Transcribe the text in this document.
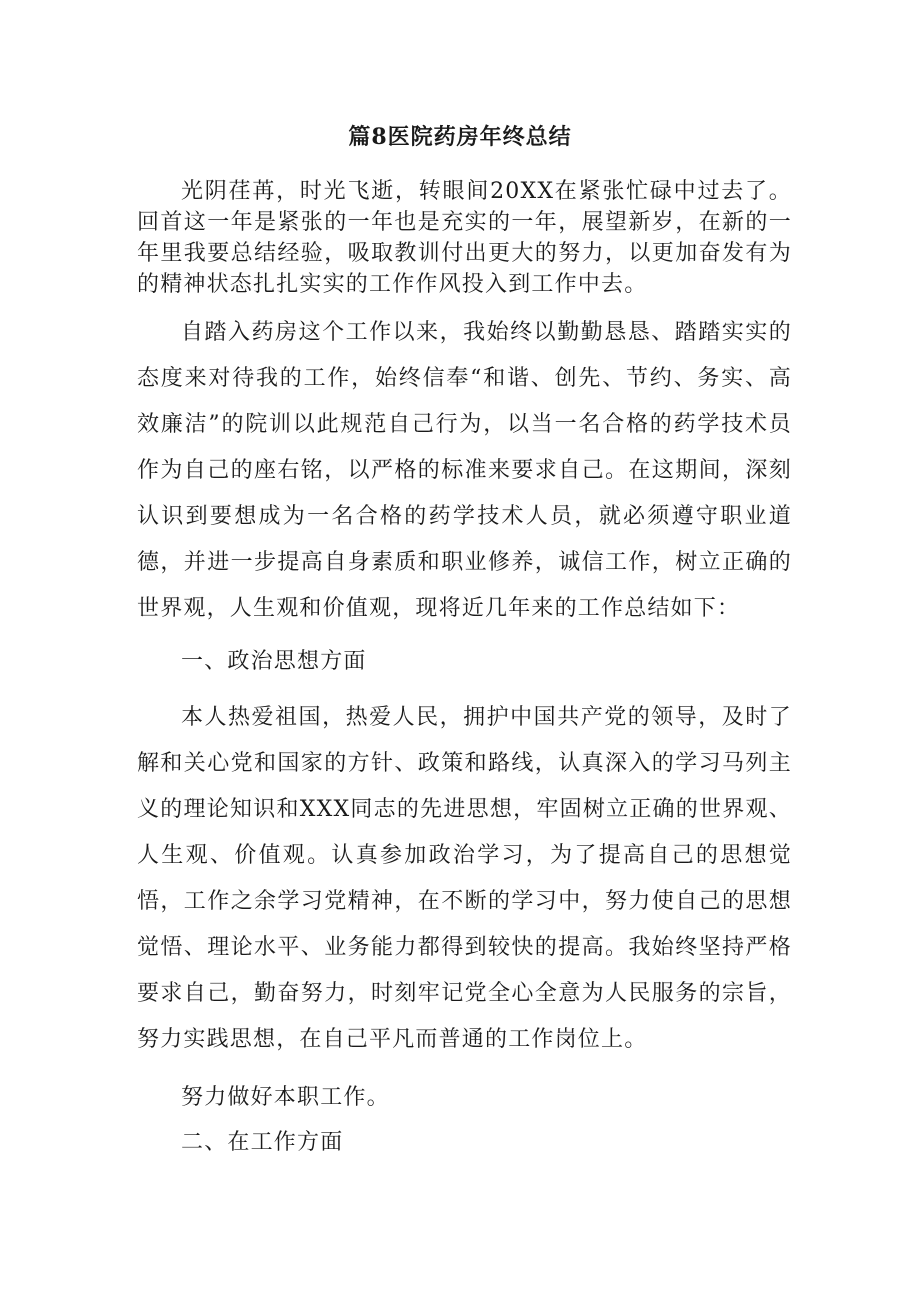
篇8医院药房年终总结

光阴荏苒，时光飞逝，转眼间20XX在紧张忙碌中过去了。回首这一年是紧张的一年也是充实的一年，展望新岁，在新的一年里我要总结经验，吸取教训付出更大的努力，以更加奋发有为的精神状态扎扎实实的工作作风投入到工作中去。

自踏入药房这个工作以来，我始终以勤勤恳恳、踏踏实实的态度来对待我的工作，始终信奉“和谐、创先、节约、务实、高效廉洁”的院训以此规范自己行为，以当一名合格的药学技术员作为自己的座右铭，以严格的标准来要求自己。在这期间，深刻认识到要想成为一名合格的药学技术人员，就必须遵守职业道德，并进一步提高自身素质和职业修养，诚信工作，树立正确的世界观，人生观和价值观，现将近几年来的工作总结如下：

一、政治思想方面

本人热爱祖国，热爱人民，拥护中国共产党的领导，及时了解和关心党和国家的方针、政策和路线，认真深入的学习马列主义的理论知识和XXX同志的先进思想，牢固树立正确的世界观、人生观、价值观。认真参加政治学习，为了提高自己的思想觉悟，工作之余学习党精神，在不断的学习中，努力使自己的思想觉悟、理论水平、业务能力都得到较快的提高。我始终坚持严格要求自己，勤奋努力，时刻牢记党全心全意为人民服务的宗旨，努力实践思想，在自己平凡而普通的工作岗位上。

努力做好本职工作。

二、在工作方面
